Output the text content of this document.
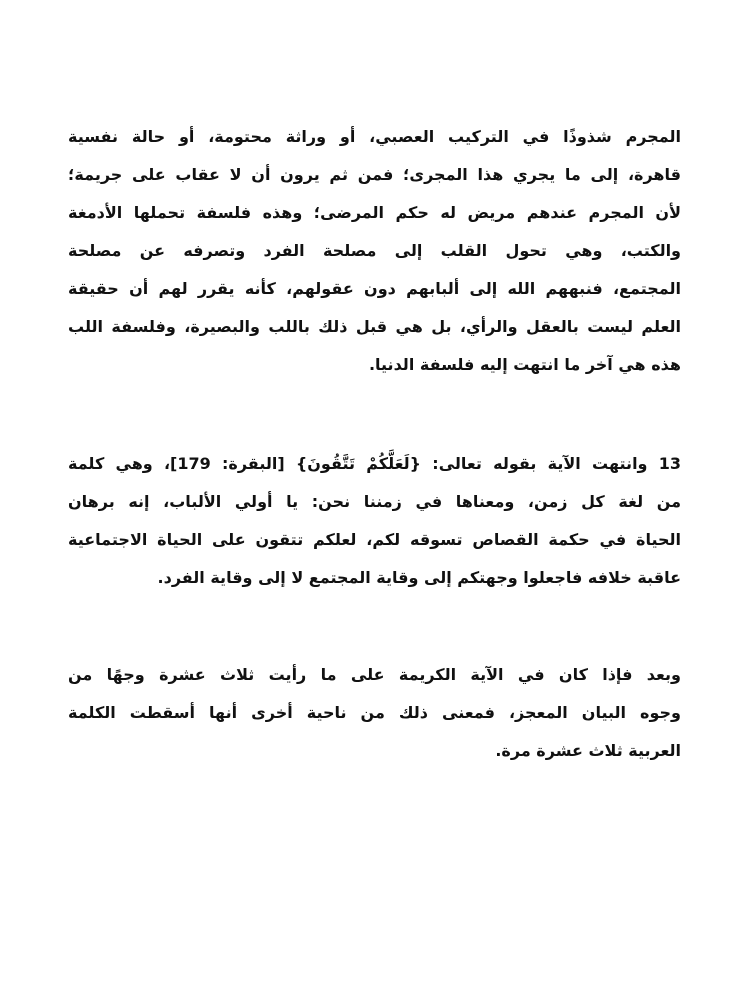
المجرم شذوذًا في التركيب العصبي، أو وراثة محتومة، أو حالة نفسية
قاهرة، إلى ما يجري هذا المجرى؛ فمن ثم يرون أن لا عقاب على جريمة؛
لأن المجرم عندهم مريض له حكم المرضى؛ وهذه فلسفة تحملها الأدمغة
والكتب، وهي تحول القلب إلى مصلحة الفرد وتصرفه عن مصلحة
المجتمع، فنبههم الله إلى ألبابهم دون عقولهم، كأنه يقرر لهم أن حقيقة
العلم ليست بالعقل والرأي، بل هي قبل ذلك باللب والبصيرة، وفلسفة اللب
هذه هي آخر ما انتهت إليه فلسفة الدنيا.
13 وانتهت الآية بقوله تعالى: {لَعَلَّكُمْ تَتَّقُونَ} [البقرة: 179]، وهي كلمة
من لغة كل زمن، ومعناها في زمننا نحن: يا أولي الألباب، إنه برهان
الحياة في حكمة القصاص تسوقه لكم، لعلكم تتقون على الحياة الاجتماعية
عاقبة خلافه فاجعلوا وجهتكم إلى وقاية المجتمع لا إلى وقاية الفرد.
وبعد فإذا كان في الآية الكريمة على ما رأيت ثلاث عشرة وجهًا من
وجوه البيان المعجز، فمعنى ذلك من ناحية أخرى أنها أسقطت الكلمة
العربية ثلاث عشرة مرة.
